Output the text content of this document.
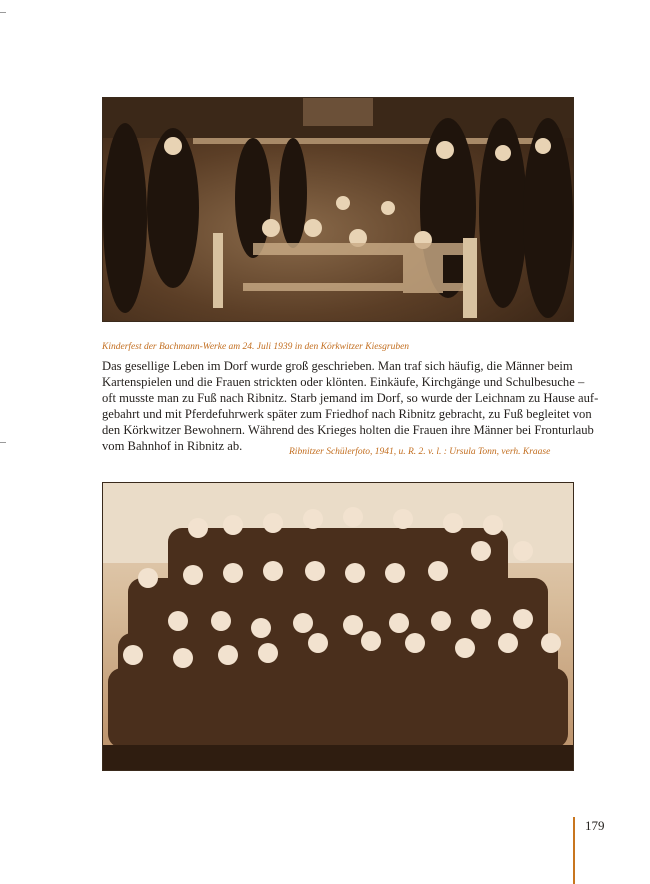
Kinderfest der Bachmann-Werke am 24. Juli 1939 in den Körkwitzer Kiesgruben
Das gesellige Leben im Dorf wurde groß geschrieben. Man traf sich häufig, die Männer beim
Kartenspielen und die Frauen strickten oder klönten. Einkäufe, Kirchgänge und Schulbesuche –
oft musste man zu Fuß nach Ribnitz. Starb jemand im Dorf, so wurde der Leichnam zu Hause auf-
gebahrt und mit Pferdefuhrwerk später zum Friedhof nach Ribnitz gebracht, zu Fuß begleitet von
den Körkwitzer Bewohnern. Während des Krieges holten die Frauen ihre Männer bei Fronturlaub
vom Bahnhof in Ribnitz ab.	Ribnitzer Schülerfoto, 1941, u. R. 2. v. l. : Ursula Tonn, verh. Kraase
179
